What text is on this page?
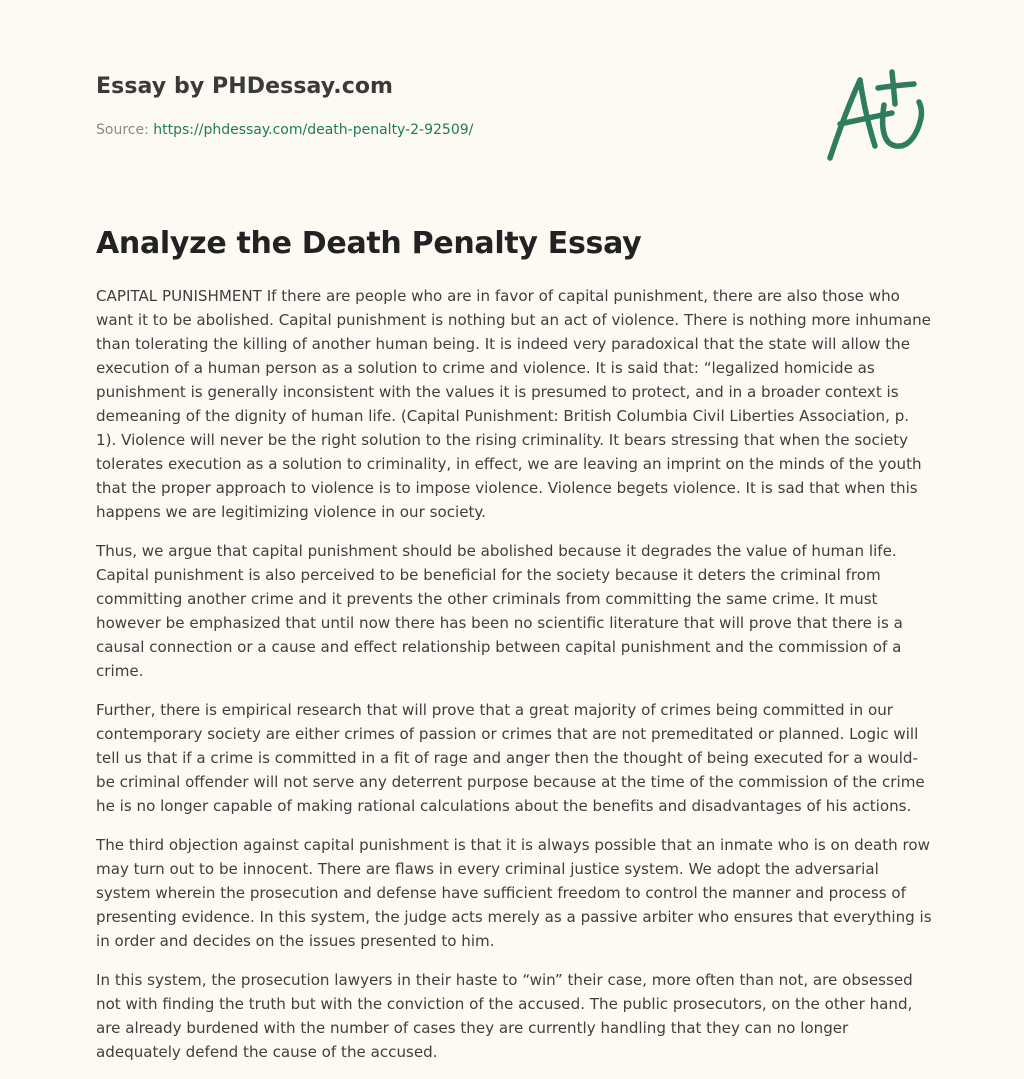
Essay by PHDessay.com
Source: https://phdessay.com/death-penalty-2-92509/
Analyze the Death Penalty Essay

CAPITAL PUNISHMENT If there are people who are in favor of capital punishment, there are also those who want it to be abolished. Capital punishment is nothing but an act of violence. There is nothing more inhumane than tolerating the killing of another human being. It is indeed very paradoxical that the state will allow the execution of a human person as a solution to crime and violence. It is said that: “legalized homicide as punishment is generally inconsistent with the values it is presumed to protect, and in a broader context is demeaning of the dignity of human life. (Capital Punishment: British Columbia Civil Liberties Association, p. 1). Violence will never be the right solution to the rising criminality. It bears stressing that when the society tolerates execution as a solution to criminality, in effect, we are leaving an imprint on the minds of the youth that the proper approach to violence is to impose violence. Violence begets violence. It is sad that when this happens we are legitimizing violence in our society.

Thus, we argue that capital punishment should be abolished because it degrades the value of human life. Capital punishment is also perceived to be beneficial for the society because it deters the criminal from committing another crime and it prevents the other criminals from committing the same crime. It must however be emphasized that until now there has been no scientific literature that will prove that there is a causal connection or a cause and effect relationship between capital punishment and the commission of a crime.

Further, there is empirical research that will prove that a great majority of crimes being committed in our contemporary society are either crimes of passion or crimes that are not premeditated or planned. Logic will tell us that if a crime is committed in a fit of rage and anger then the thought of being executed for a would-be criminal offender will not serve any deterrent purpose because at the time of the commission of the crime he is no longer capable of making rational calculations about the benefits and disadvantages of his actions.

The third objection against capital punishment is that it is always possible that an inmate who is on death row may turn out to be innocent. There are flaws in every criminal justice system. We adopt the adversarial system wherein the prosecution and defense have sufficient freedom to control the manner and process of presenting evidence. In this system, the judge acts merely as a passive arbiter who ensures that everything is in order and decides on the issues presented to him.

In this system, the prosecution lawyers in their haste to “win” their case, more often than not, are obsessed not with finding the truth but with the conviction of the accused. The public prosecutors, on the other hand, are already burdened with the number of cases they are currently handling that they can no longer adequately defend the cause of the accused.
